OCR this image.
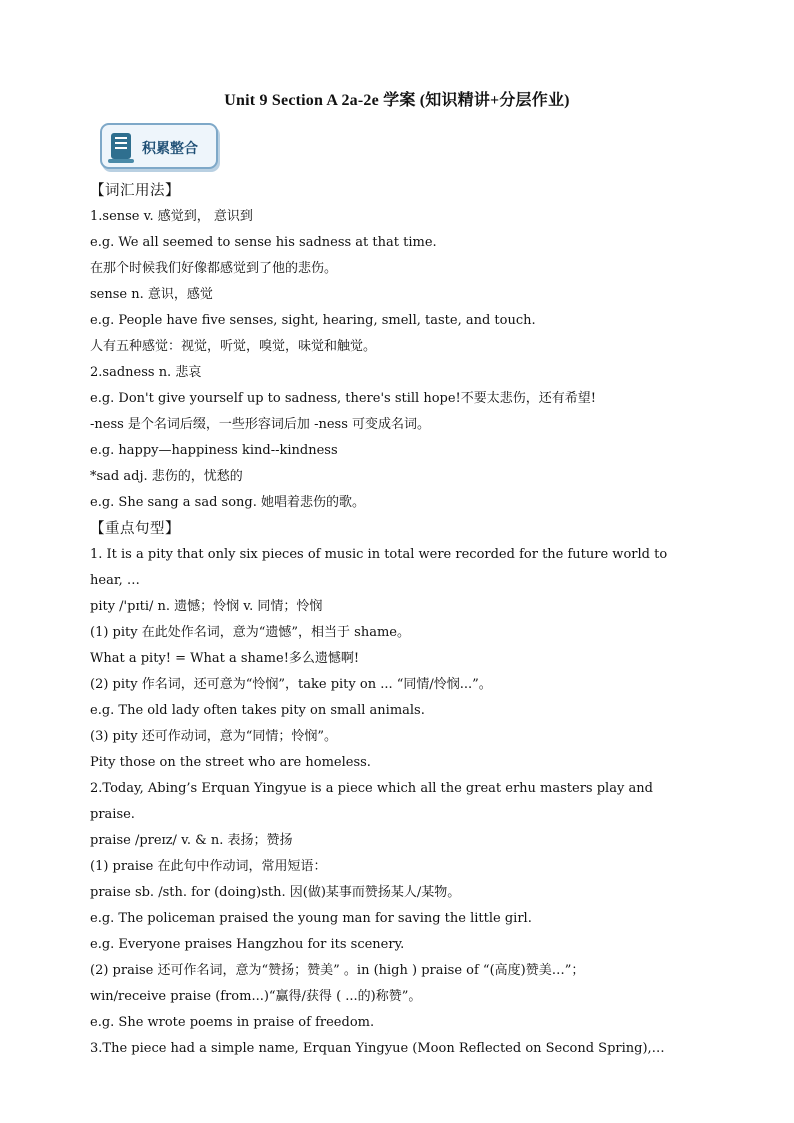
Unit 9 Section A 2a-2e 学案 (知识精讲+分层作业)
积累整合
【词汇用法】
1.sense v. 感觉到， 意识到
e.g. We all seemed to sense his sadness at that time.
在那个时候我们好像都感觉到了他的悲伤。
sense n. 意识，感觉
e.g. People have five senses, sight, hearing, smell, taste, and touch.
人有五种感觉：视觉，听觉，嗅觉，味觉和触觉。
2.sadness n. 悲哀
e.g. Don't give yourself up to sadness, there's still hope!不要太悲伤，还有希望!
-ness 是个名词后缀，一些形容词后加 -ness 可变成名词。
e.g. happy—happiness kind--kindness
*sad adj. 悲伤的，忧愁的
e.g. She sang a sad song. 她唱着悲伤的歌。
【重点句型】
1. It is a pity that only six pieces of music in total were recorded for the future world to
hear, …
pity /'pɪti/ n. 遗憾；怜悯 v. 同情；怜悯
(1) pity 在此处作名词，意为“遗憾”，相当于 shame。
What a pity! = What a shame!多么遗憾啊!
(2) pity 作名词，还可意为“怜悯”，take pity on ... “同情/怜悯...”。
e.g. The old lady often takes pity on small animals.
(3) pity 还可作动词，意为“同情；怜悯”。
Pity those on the street who are homeless.
2.Today, Abing’s Erquan Yingyue is a piece which all the great erhu masters play and
praise.
praise /preɪz/ v. & n. 表扬；赞扬
(1) praise 在此句中作动词，常用短语：
praise sb. /sth. for (doing)sth. 因(做)某事而赞扬某人/某物。
e.g. The policeman praised the young man for saving the little girl.
e.g. Everyone praises Hangzhou for its scenery.
(2) praise 还可作名词，意为“赞扬；赞美” 。in (high ) praise of “(高度)赞美…”；
win/receive praise (from...)“赢得/获得 ( ...的)称赞”。
e.g. She wrote poems in praise of freedom.
3.The piece had a simple name, Erquan Yingyue (Moon Reflected on Second Spring),…
